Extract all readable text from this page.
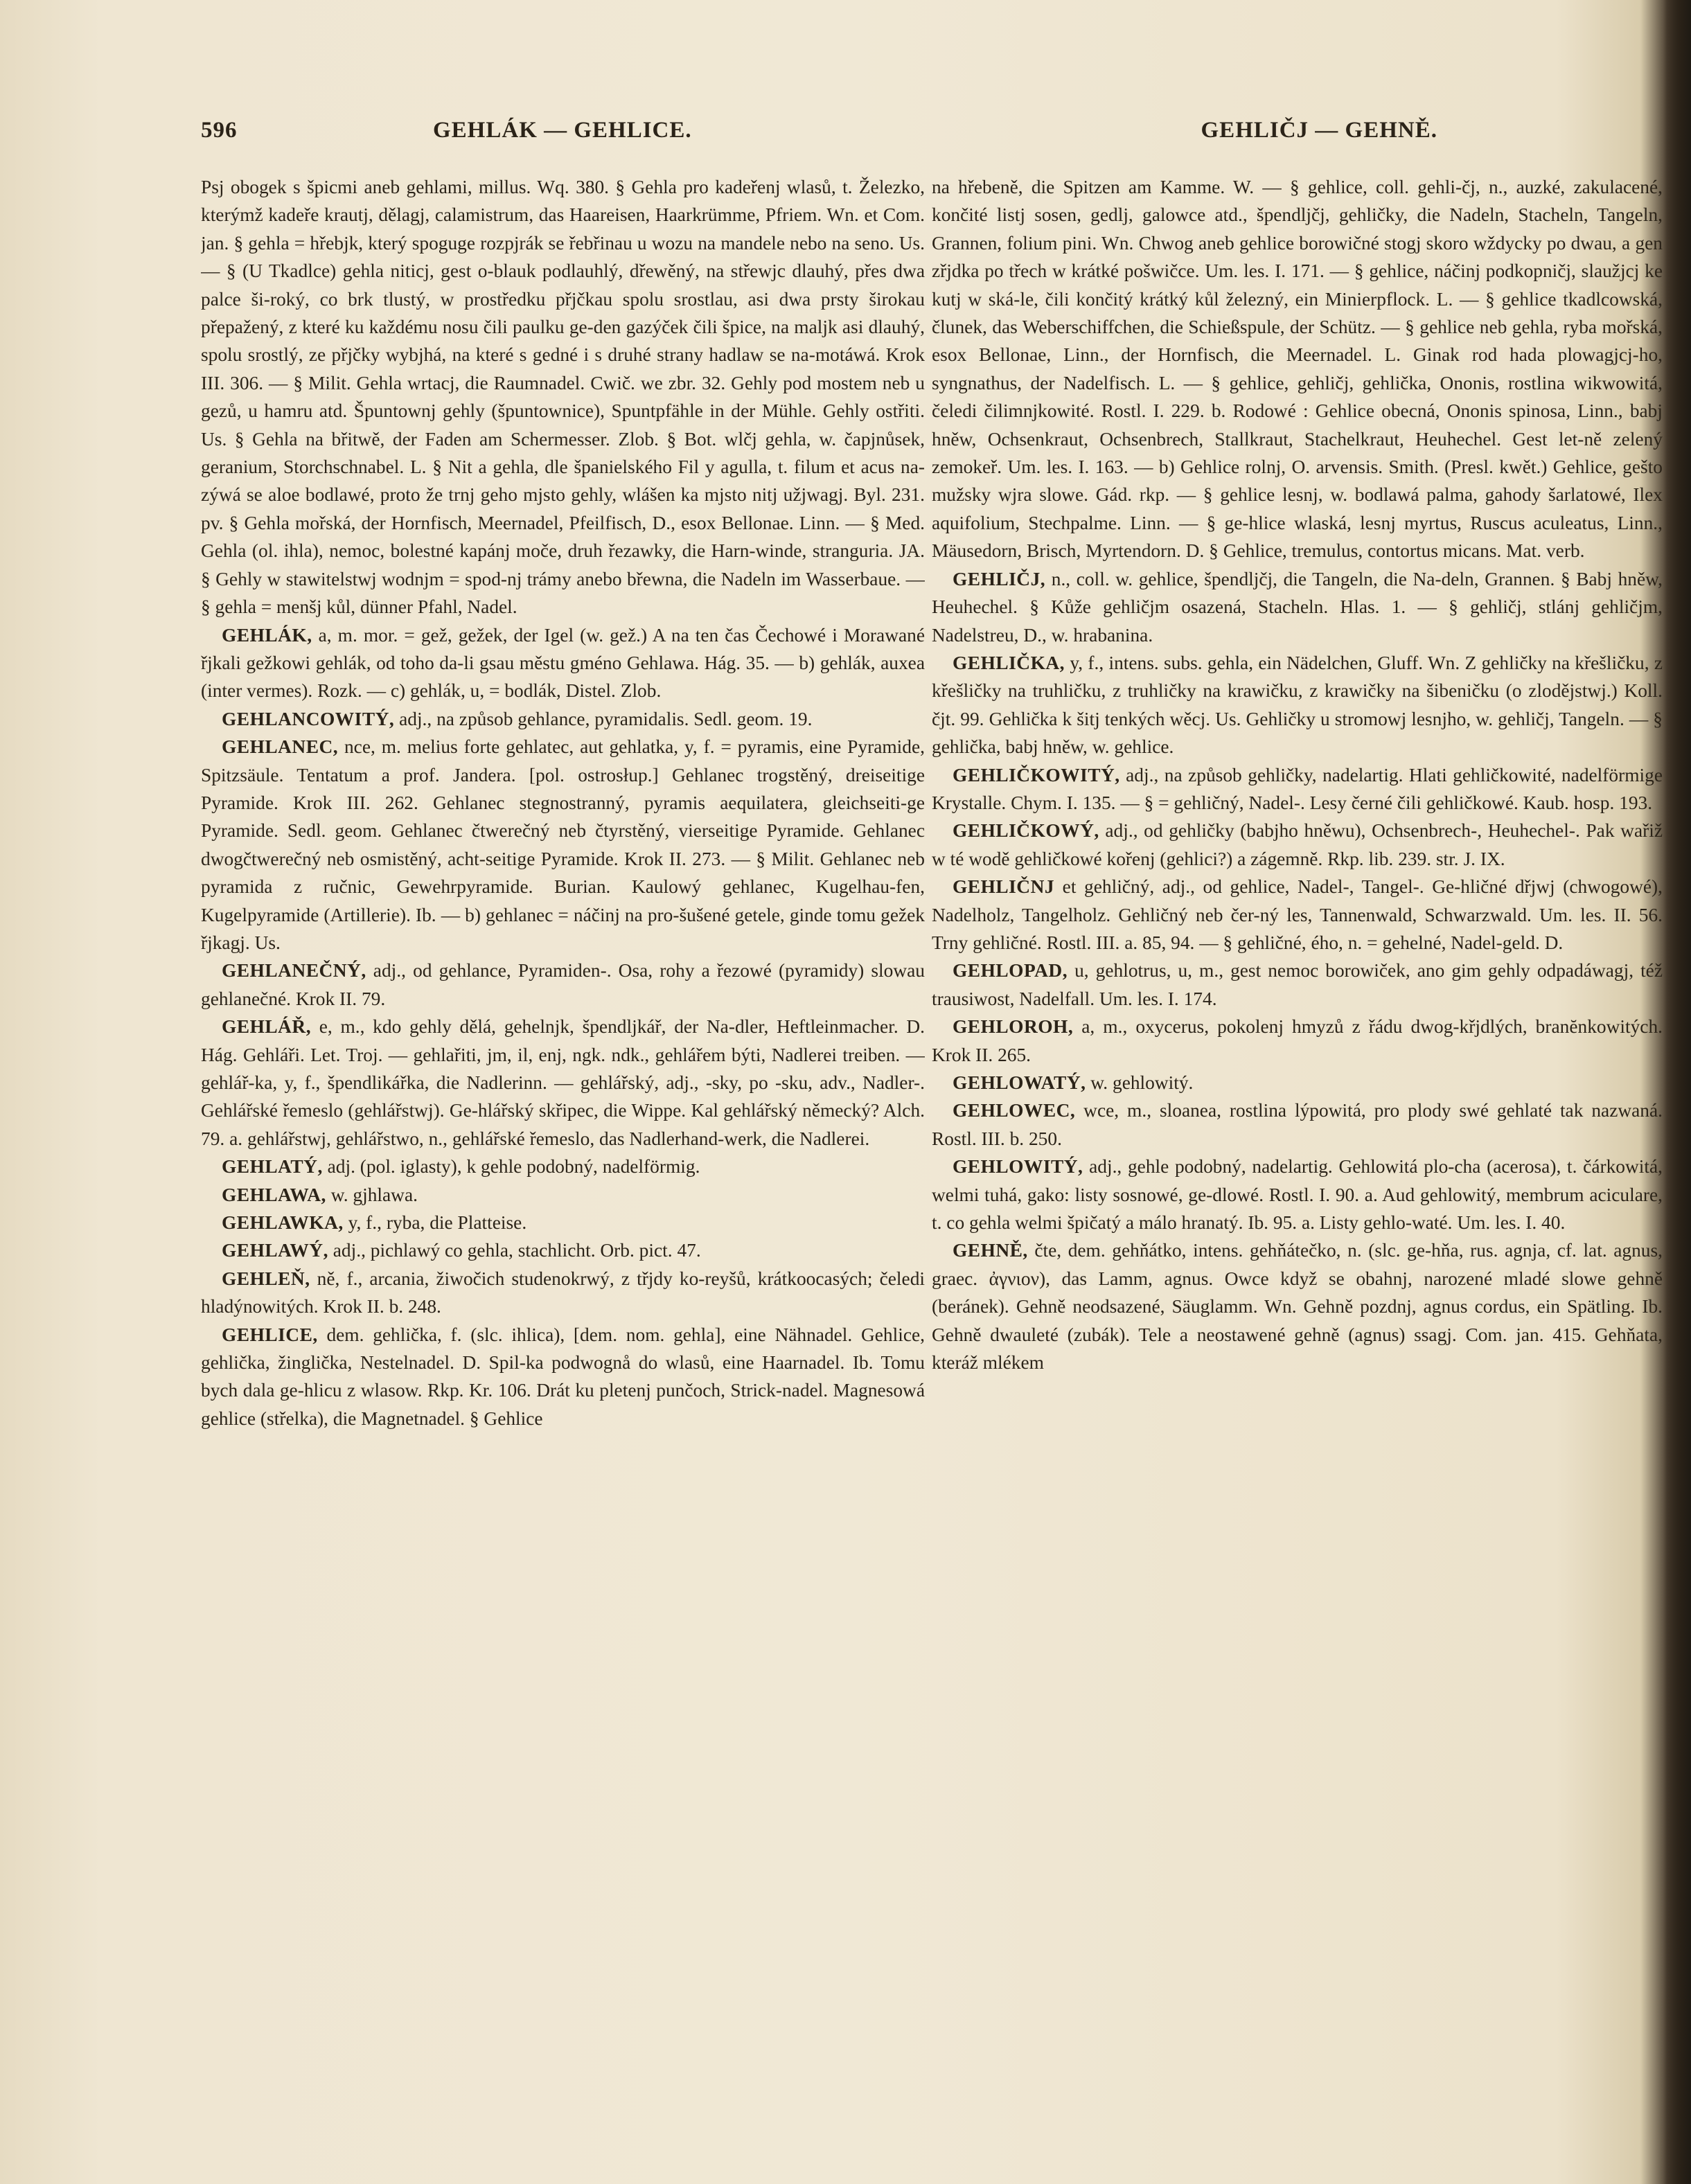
596	GEHLÁK — GEHLICE.	GEHLIČJ — GEHNĚ.

Psj obogek s špicmi aneb gehlami, millus. Wq. 380. § Gehla pro kadeřenj wlasů, t. Železko, kterýmž kadeře krautj, dělagj, calamistrum, das Haareisen, Haarkrümme, Pfriem. Wn. et Com. jan. § gehla = hřebjk, který spoguge rozpjrák se řebřinau u wozu na mandele nebo na seno. Us. — § (U Tkadlce) gehla niticj, gest o-blauk podlauhlý, dřewěný, na střewjc dlauhý, přes dwa palce ši-roký, co brk tlustý, w prostředku přjčkau spolu srostlau, asi dwa prsty širokau přepažený, z které ku každému nosu čili paulku ge-den gazýček čili špice, na maljk asi dlauhý, spolu srostlý, ze přjčky wybjhá, na které s gedné i s druhé strany hadlaw se na-motáwá. Krok III. 306. — § Milit. Gehla wrtacj, die Raumnadel. Cwič. we zbr. 32. Gehly pod mostem neb u gezů, u hamru atd. Špuntownj gehly (špuntownice), Spuntpfähle in der Mühle. Gehly ostřiti. Us. § Gehla na břitwě, der Faden am Schermesser. Zlob. § Bot. wlčj gehla, w. čapjnůsek, geranium, Storchschnabel. L. § Nit a gehla, dle španielského Fil y agulla, t. filum et acus na-zýwá se aloe bodlawé, proto že trnj geho mjsto gehly, wlášen ka mjsto nitj užjwagj. Byl. 231. pv. § Gehla mořská, der Hornfisch, Meernadel, Pfeilfisch, D., esox Bellonae. Linn. — § Med. Gehla (ol. ihla), nemoc, bolestné kapánj moče, druh řezawky, die Harn-winde, stranguria. JA. § Gehly w stawitelstwj wodnjm = spod-nj trámy anebo břewna, die Nadeln im Wasserbaue. — § gehla = menšj kůl, dünner Pfahl, Nadel.

GEHLÁK, a, m. mor. = gež, gežek, der Igel (w. gež.) A na ten čas Čechowé i Morawané řjkali gežkowi gehlák, od toho da-li gsau městu gméno Gehlawa. Hág. 35. — b) gehlák, auxea (inter vermes). Rozk. — c) gehlák, u, = bodlák, Distel. Zlob.

GEHLANCOWITÝ, adj., na způsob gehlance, pyramidalis. Sedl. geom. 19.

GEHLANEC, nce, m. melius forte gehlatec, aut gehlatka, y, f. = pyramis, eine Pyramide, Spitzsäule. Tentatum a prof. Jandera. [pol. ostrosłup.] Gehlanec trogstěný, dreiseitige Pyramide. Krok III. 262. Gehlanec stegnostranný, pyramis aequilatera, gleichseiti-ge Pyramide. Sedl. geom. Gehlanec čtwerečný neb čtyrstěný, vierseitige Pyramide. Gehlanec dwogčtwerečný neb osmistěný, acht-seitige Pyramide. Krok II. 273. — § Milit. Gehlanec neb pyramida z ručnic, Gewehrpyramide. Burian. Kaulowý gehlanec, Kugelhau-fen, Kugelpyramide (Artillerie). Ib. — b) gehlanec = náčinj na pro-šušené getele, ginde tomu gežek řjkagj. Us.

GEHLANEČNÝ, adj., od gehlance, Pyramiden-. Osa, rohy a řezowé (pyramidy) slowau gehlanečné. Krok II. 79.

GEHLÁŘ, e, m., kdo gehly dělá, gehelnjk, špendljkář, der Na-dler, Heftleinmacher. D. Hág. Gehláři. Let. Troj. — gehlařiti, jm, il, enj, ngk. ndk., gehlářem býti, Nadlerei treiben. — gehlář-ka, y, f., špendlikářka, die Nadlerinn. — gehlářský, adj., -sky, po -sku, adv., Nadler-. Gehlářské řemeslo (gehlářstwj). Ge-hlářský skřipec, die Wippe. Kal gehlářský německý? Alch. 79. a. gehlářstwj, gehlářstwo, n., gehlářské řemeslo, das Nadlerhand-werk, die Nadlerei.

GEHLATÝ, adj. (pol. iglasty), k gehle podobný, nadelförmig.

GEHLAWA, w. gjhlawa.

GEHLAWKA, y, f., ryba, die Platteise.

GEHLAWÝ, adj., pichlawý co gehla, stachlicht. Orb. pict. 47.

GEHLEŇ, ně, f., arcania, žiwočich studenokrwý, z třjdy ko-reyšů, krátkoocasých; čeledi hladýnowitých. Krok II. b. 248.

GEHLICE, dem. gehlička, f. (slc. ihlica), [dem. nom. gehla], eine Nähnadel. Gehlice, gehlička, žinglička, Nestelnadel. D. Spil-ka podwognå do wlasů, eine Haarnadel. Ib. Tomu bych dala ge-hlicu z wlasow. Rkp. Kr. 106. Drát ku pletenj punčoch, Strick-nadel. Magnesowá gehlice (střelka), die Magnetnadel. § Gehlice

na hřebeně, die Spitzen am Kamme. W. — § gehlice, coll. gehli-čj, n., auzké, zakulacené, končité listj sosen, gedlj, galowce atd., špendljčj, gehličky, die Nadeln, Stacheln, Tangeln, Grannen, folium pini. Wn. Chwog aneb gehlice borowičné stogj skoro wždycky po dwau, a gen zřjdka po třech w krátké pošwičce. Um. les. I. 171. — § gehlice, náčinj podkopničj, slaužjcj ke kutj w ská-le, čili končitý krátký kůl železný, ein Minierpflock. L. — § gehlice tkadlcowská, člunek, das Weberschiffchen, die Schießspule, der Schütz. — § gehlice neb gehla, ryba mořská, esox Bellonae, Linn., der Hornfisch, die Meernadel. L. Ginak rod hada plowagjcj-ho, syngnathus, der Nadelfisch. L. — § gehlice, gehličj, gehlička, Ononis, rostlina wikwowitá, čeledi čilimnjkowité. Rostl. I. 229. b. Rodowé : Gehlice obecná, Ononis spinosa, Linn., babj hněw, Ochsenkraut, Ochsenbrech, Stallkraut, Stachelkraut, Heuhechel. Gest let-ně zelený zemokeř. Um. les. I. 163. — b) Gehlice rolnj, O. arvensis. Smith. (Presl. kwět.) Gehlice, gešto mužsky wjra slowe. Gád. rkp. — § gehlice lesnj, w. bodlawá palma, gahody šarlatowé, Ilex aquifolium, Stechpalme. Linn. — § ge-hlice wlaská, lesnj myrtus, Ruscus aculeatus, Linn., Mäusedorn, Brisch, Myrtendorn. D. § Gehlice, tremulus, contortus micans. Mat. verb.

GEHLIČJ, n., coll. w. gehlice, špendljčj, die Tangeln, die Na-deln, Grannen. § Babj hněw, Heuhechel. § Kůže gehličjm osazená, Stacheln. Hlas. 1. — § gehličj, stlánj gehličjm, Nadelstreu, D., w. hrabanina.

GEHLIČKA, y, f., intens. subs. gehla, ein Nädelchen, Gluff. Wn. Z gehličky na křešličku, z křešličky na truhličku, z truhličky na krawičku, z krawičky na šibeničku (o zlodějstwj.) Koll. čjt. 99. Gehlička k šitj tenkých wěcj. Us. Gehličky u stromowj lesnjho, w. gehličj, Tangeln. — § gehlička, babj hněw, w. gehlice.

GEHLIČKOWITÝ, adj., na způsob gehličky, nadelartig. Hlati gehličkowité, nadelförmige Krystalle. Chym. I. 135. — § = gehličný, Nadel-. Lesy černé čili gehličkowé. Kaub. hosp. 193.

GEHLIČKOWÝ, adj., od gehličky (babjho hněwu), Ochsenbrech-, Heuhechel-. Pak wařiž w té wodě gehličkowé kořenj (gehlici?) a zágemně. Rkp. lib. 239. str. J. IX.

GEHLIČNJ et gehličný, adj., od gehlice, Nadel-, Tangel-. Ge-hličné dřjwj (chwogowé), Nadelholz, Tangelholz. Gehličný neb čer-ný les, Tannenwald, Schwarzwald. Um. les. II. 56. Trny gehličné. Rostl. III. a. 85, 94. — § gehličné, ého, n. = gehelné, Nadel-geld. D.

GEHLOPAD, u, gehlotrus, u, m., gest nemoc borowiček, ano gim gehly odpadáwagj, též trausiwost, Nadelfall. Um. les. I. 174.

GEHLOROH, a, m., oxycerus, pokolenj hmyzů z řádu dwog-křjdlých, branĕnkowitých. Krok II. 265.

GEHLOWATÝ, w. gehlowitý.

GEHLOWEC, wce, m., sloanea, rostlina lýpowitá, pro plody swé gehlaté tak nazwaná. Rostl. III. b. 250.

GEHLOWITÝ, adj., gehle podobný, nadelartig. Gehlowitá plo-cha (acerosa), t. čárkowitá, welmi tuhá, gako: listy sosnowé, ge-dlowé. Rostl. I. 90. a. Aud gehlowitý, membrum aciculare, t. co gehla welmi špičatý a málo hranatý. Ib. 95. a. Listy gehlo-waté. Um. les. I. 40.

GEHNĚ, čte, dem. gehňátko, intens. gehňátečko, n. (slc. ge-hňa, rus. agnja, cf. lat. agnus, graec. ἀγνιον), das Lamm, agnus. Owce když se obahnj, narozené mladé slowe gehně (beránek). Gehně neodsazené, Säuglamm. Wn. Gehně pozdnj, agnus cordus, ein Spätling. Ib. Gehně dwauleté (zubák). Tele a neostawené gehně (agnus) ssagj. Com. jan. 415. Gehňata, kteráž mlékem
